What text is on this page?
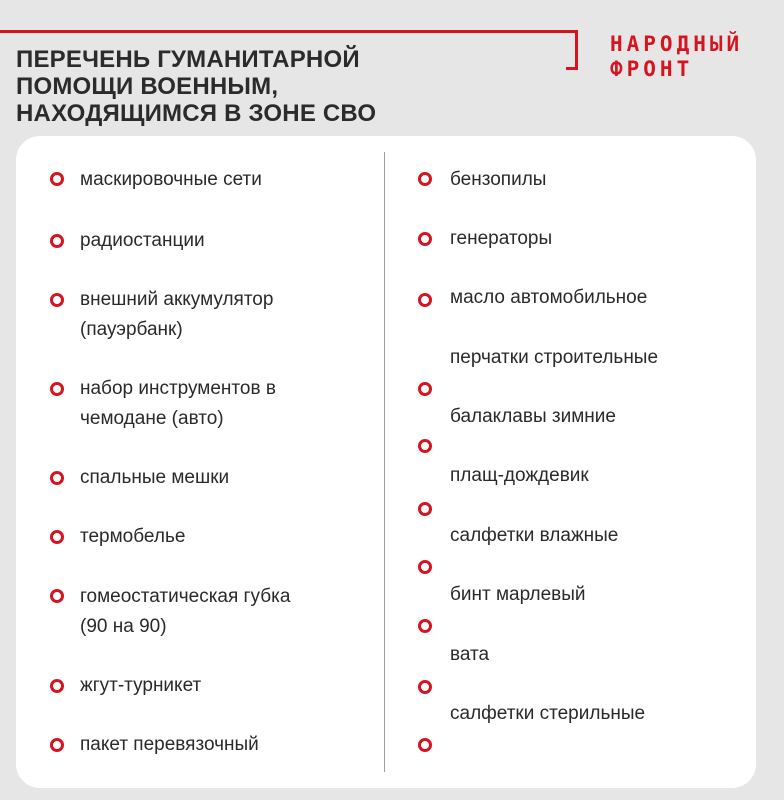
ПЕРЕЧЕНЬ ГУМАНИТАРНОЙ
ПОМОЩИ ВОЕННЫМ,
НАХОДЯЩИМСЯ В ЗОНЕ СВО
НАРОДНЫЙ
ФРОНТ
маскировочные сети
радиостанции
внешний аккумулятор
(пауэрбанк)
набор инструментов в
чемодане (авто)
спальные мешки
термобелье
гомеостатическая губка
(90 на 90)
жгут-турникет
пакет перевязочный
бензопилы
генераторы
масло автомобильное
перчатки строительные
балаклавы зимние
плащ-дождевик
салфетки влажные
бинт марлевый
вата
салфетки стерильные
